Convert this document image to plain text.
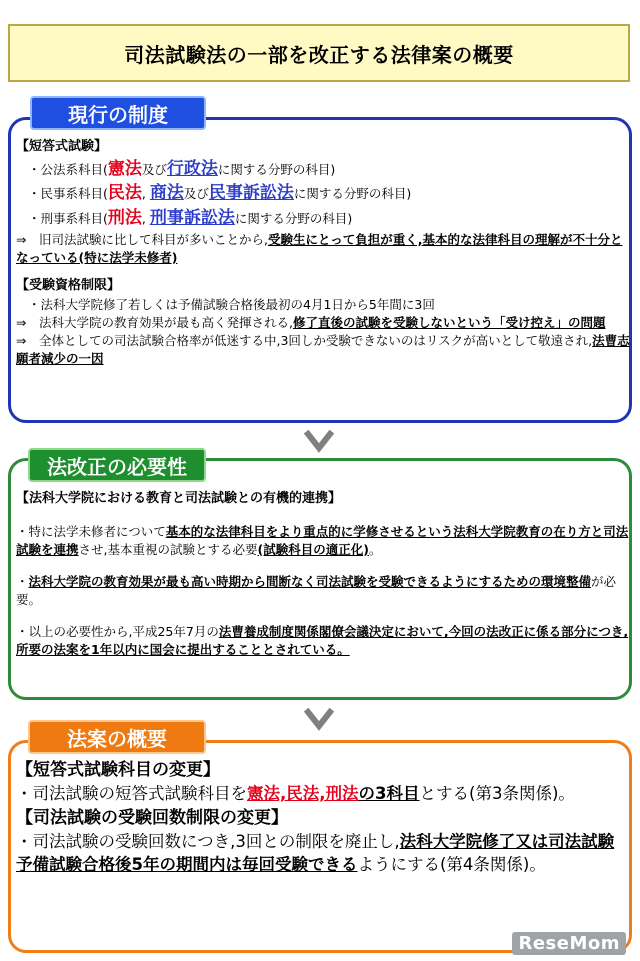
司法試験法の一部を改正する法律案の概要
現行の制度

【短答式試験】

・公法系科目(憲法及び行政法に関する分野の科目)

・民事系科目(民法, 商法及び民事訴訟法に関する分野の科目)

・刑事系科目(刑法, 刑事訴訟法に関する分野の科目)

⇒　旧司法試験に比して科目が多いことから,受験生にとって負担が重く,基本的な法律科目の理解が不十分となっている(特に法学未修者)

【受験資格制限】

・法科大学院修了若しくは予備試験合格後最初の4月1日から5年間に3回

⇒　法科大学院の教育効果が最も高く発揮される,修了直後の試験を受験しないという「受け控え」の問題

⇒　全体としての司法試験合格率が低迷する中,3回しか受験できないのはリスクが高いとして敬遠され,法曹志願者減少の一因

法改正の必要性

【法科大学院における教育と司法試験との有機的連携】

・特に法学未修者について基本的な法律科目をより重点的に学修させるという法科大学院教育の在り方と司法試験を連携させ,基本重視の試験とする必要(試験科目の適正化)。

・法科大学院の教育効果が最も高い時期から間断なく司法試験を受験できるようにするための環境整備が必要。

・以上の必要性から,平成25年7月の法曹養成制度関係閣僚会議決定において,今回の法改正に係る部分につき,所要の法案を1年以内に国会に提出することとされている。

法案の概要

【短答式試験科目の変更】

・司法試験の短答式試験科目を憲法,民法,刑法の3科目とする(第3条関係)。

【司法試験の受験回数制限の変更】

・司法試験の受験回数につき,3回との制限を廃止し,法科大学院修了又は司法試験予備試験合格後5年の期間内は毎回受験できるようにする(第4条関係)。

ReseMom
